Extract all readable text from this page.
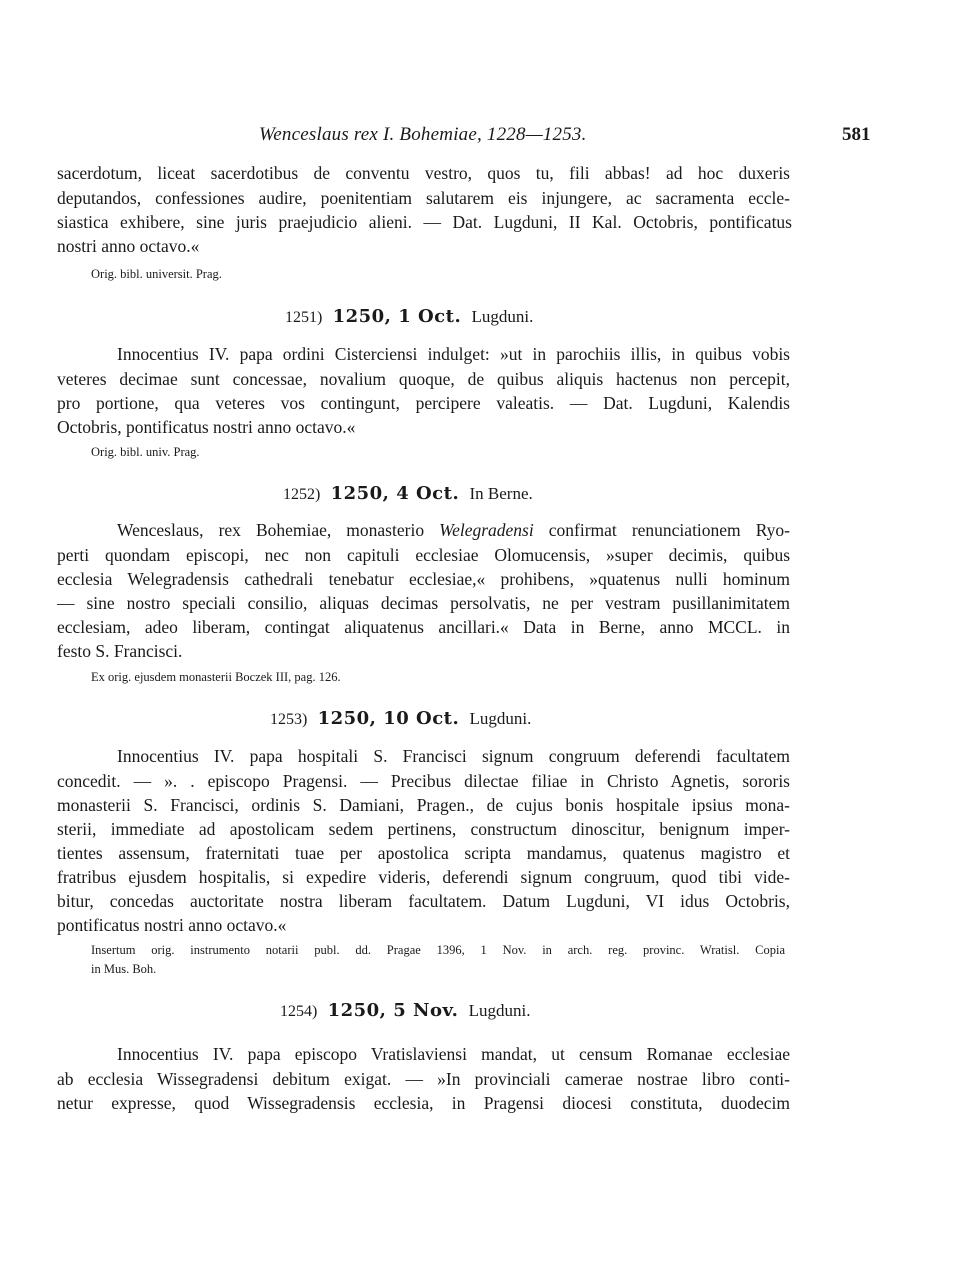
Wenceslaus rex I. Bohemiae, 1228—1253.	581
sacerdotum, liceat sacerdotibus de conventu vestro, quos tu, fili abbas! ad hoc duxeris
deputandos, confessiones audire, poenitentiam salutarem eis injungere, ac sacramenta eccle-
siastica exhibere, sine juris praejudicio alieni. — Dat. Lugduni, II Kal. Octobris, pontificatus
nostri anno octavo.«
Orig. bibl. universit. Prag.
1251) 1250, 1 Oct. Lugduni.
Innocentius IV. papa ordini Cisterciensi indulget: »ut in parochiis illis, in quibus vobis
veteres decimae sunt concessae, novalium quoque, de quibus aliquis hactenus non percepit,
pro portione, qua veteres vos contingunt, percipere valeatis. — Dat. Lugduni, Kalendis
Octobris, pontificatus nostri anno octavo.«
Orig. bibl. univ. Prag.
1252) 1250, 4 Oct. In Berne.
Wenceslaus, rex Bohemiae, monasterio Welegradensi confirmat renunciationem Ryo-
perti quondam episcopi, nec non capituli ecclesiae Olomucensis, »super decimis, quibus
ecclesia Welegradensis cathedrali tenebatur ecclesiae,« prohibens, »quatenus nulli hominum
— sine nostro speciali consilio, aliquas decimas persolvatis, ne per vestram pusillanimitatem
ecclesiam, adeo liberam, contingat aliquatenus ancillari.« Data in Berne, anno MCCL. in
festo S. Francisci.
Ex orig. ejusdem monasterii Boczek III, pag. 126.
1253) 1250, 10 Oct. Lugduni.
Innocentius IV. papa hospitali S. Francisci signum congruum deferendi facultatem
concedit. — ». . episcopo Pragensi. — Precibus dilectae filiae in Christo Agnetis, sororis
monasterii S. Francisci, ordinis S. Damiani, Pragen., de cujus bonis hospitale ipsius mona-
sterii, immediate ad apostolicam sedem pertinens, constructum dinoscitur, benignum imper-
tientes assensum, fraternitati tuae per apostolica scripta mandamus, quatenus magistro et
fratribus ejusdem hospitalis, si expedire videris, deferendi signum congruum, quod tibi vide-
bitur, concedas auctoritate nostra liberam facultatem. Datum Lugduni, VI idus Octobris,
pontificatus nostri anno octavo.«
Insertum orig. instrumento notarii publ. dd. Pragae 1396, 1 Nov. in arch. reg. provinc. Wratisl. Copia
in Mus. Boh.
1254) 1250, 5 Nov. Lugduni.
Innocentius IV. papa episcopo Vratislaviensi mandat, ut censum Romanae ecclesiae
ab ecclesia Wissegradensi debitum exigat. — »In provinciali camerae nostrae libro conti-
netur expresse, quod Wissegradensis ecclesia, in Pragensi diocesi constituta, duodecim
